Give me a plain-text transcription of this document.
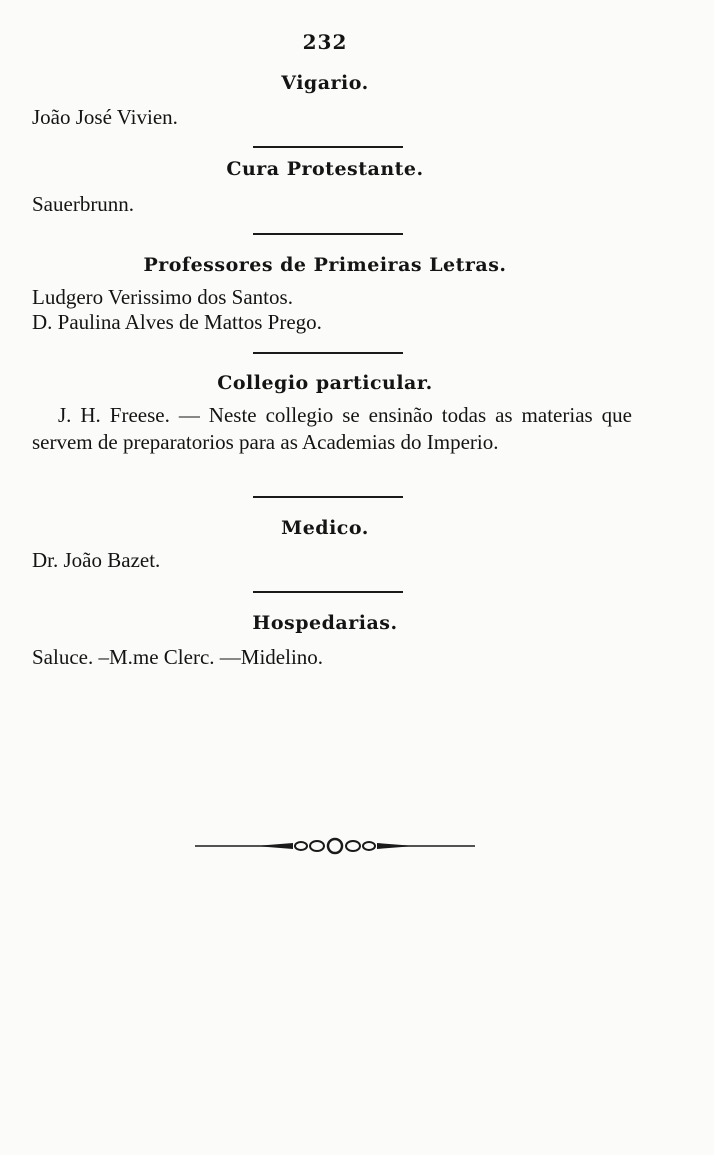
232
Vigario.
João José Vivien.
Cura Protestante.
Sauerbrunn.
Professores de Primeiras Letras.
Ludgero Verissimo dos Santos.
D. Paulina Alves de Mattos Prego.
Collegio particular.
J. H. Freese. — Neste collegio se ensinão todas as materias que servem de preparatorios para as Academias do Imperio.
Medico.
Dr. João Bazet.
Hospedarias.
Saluce. –M.me Clerc. —Midelino.
